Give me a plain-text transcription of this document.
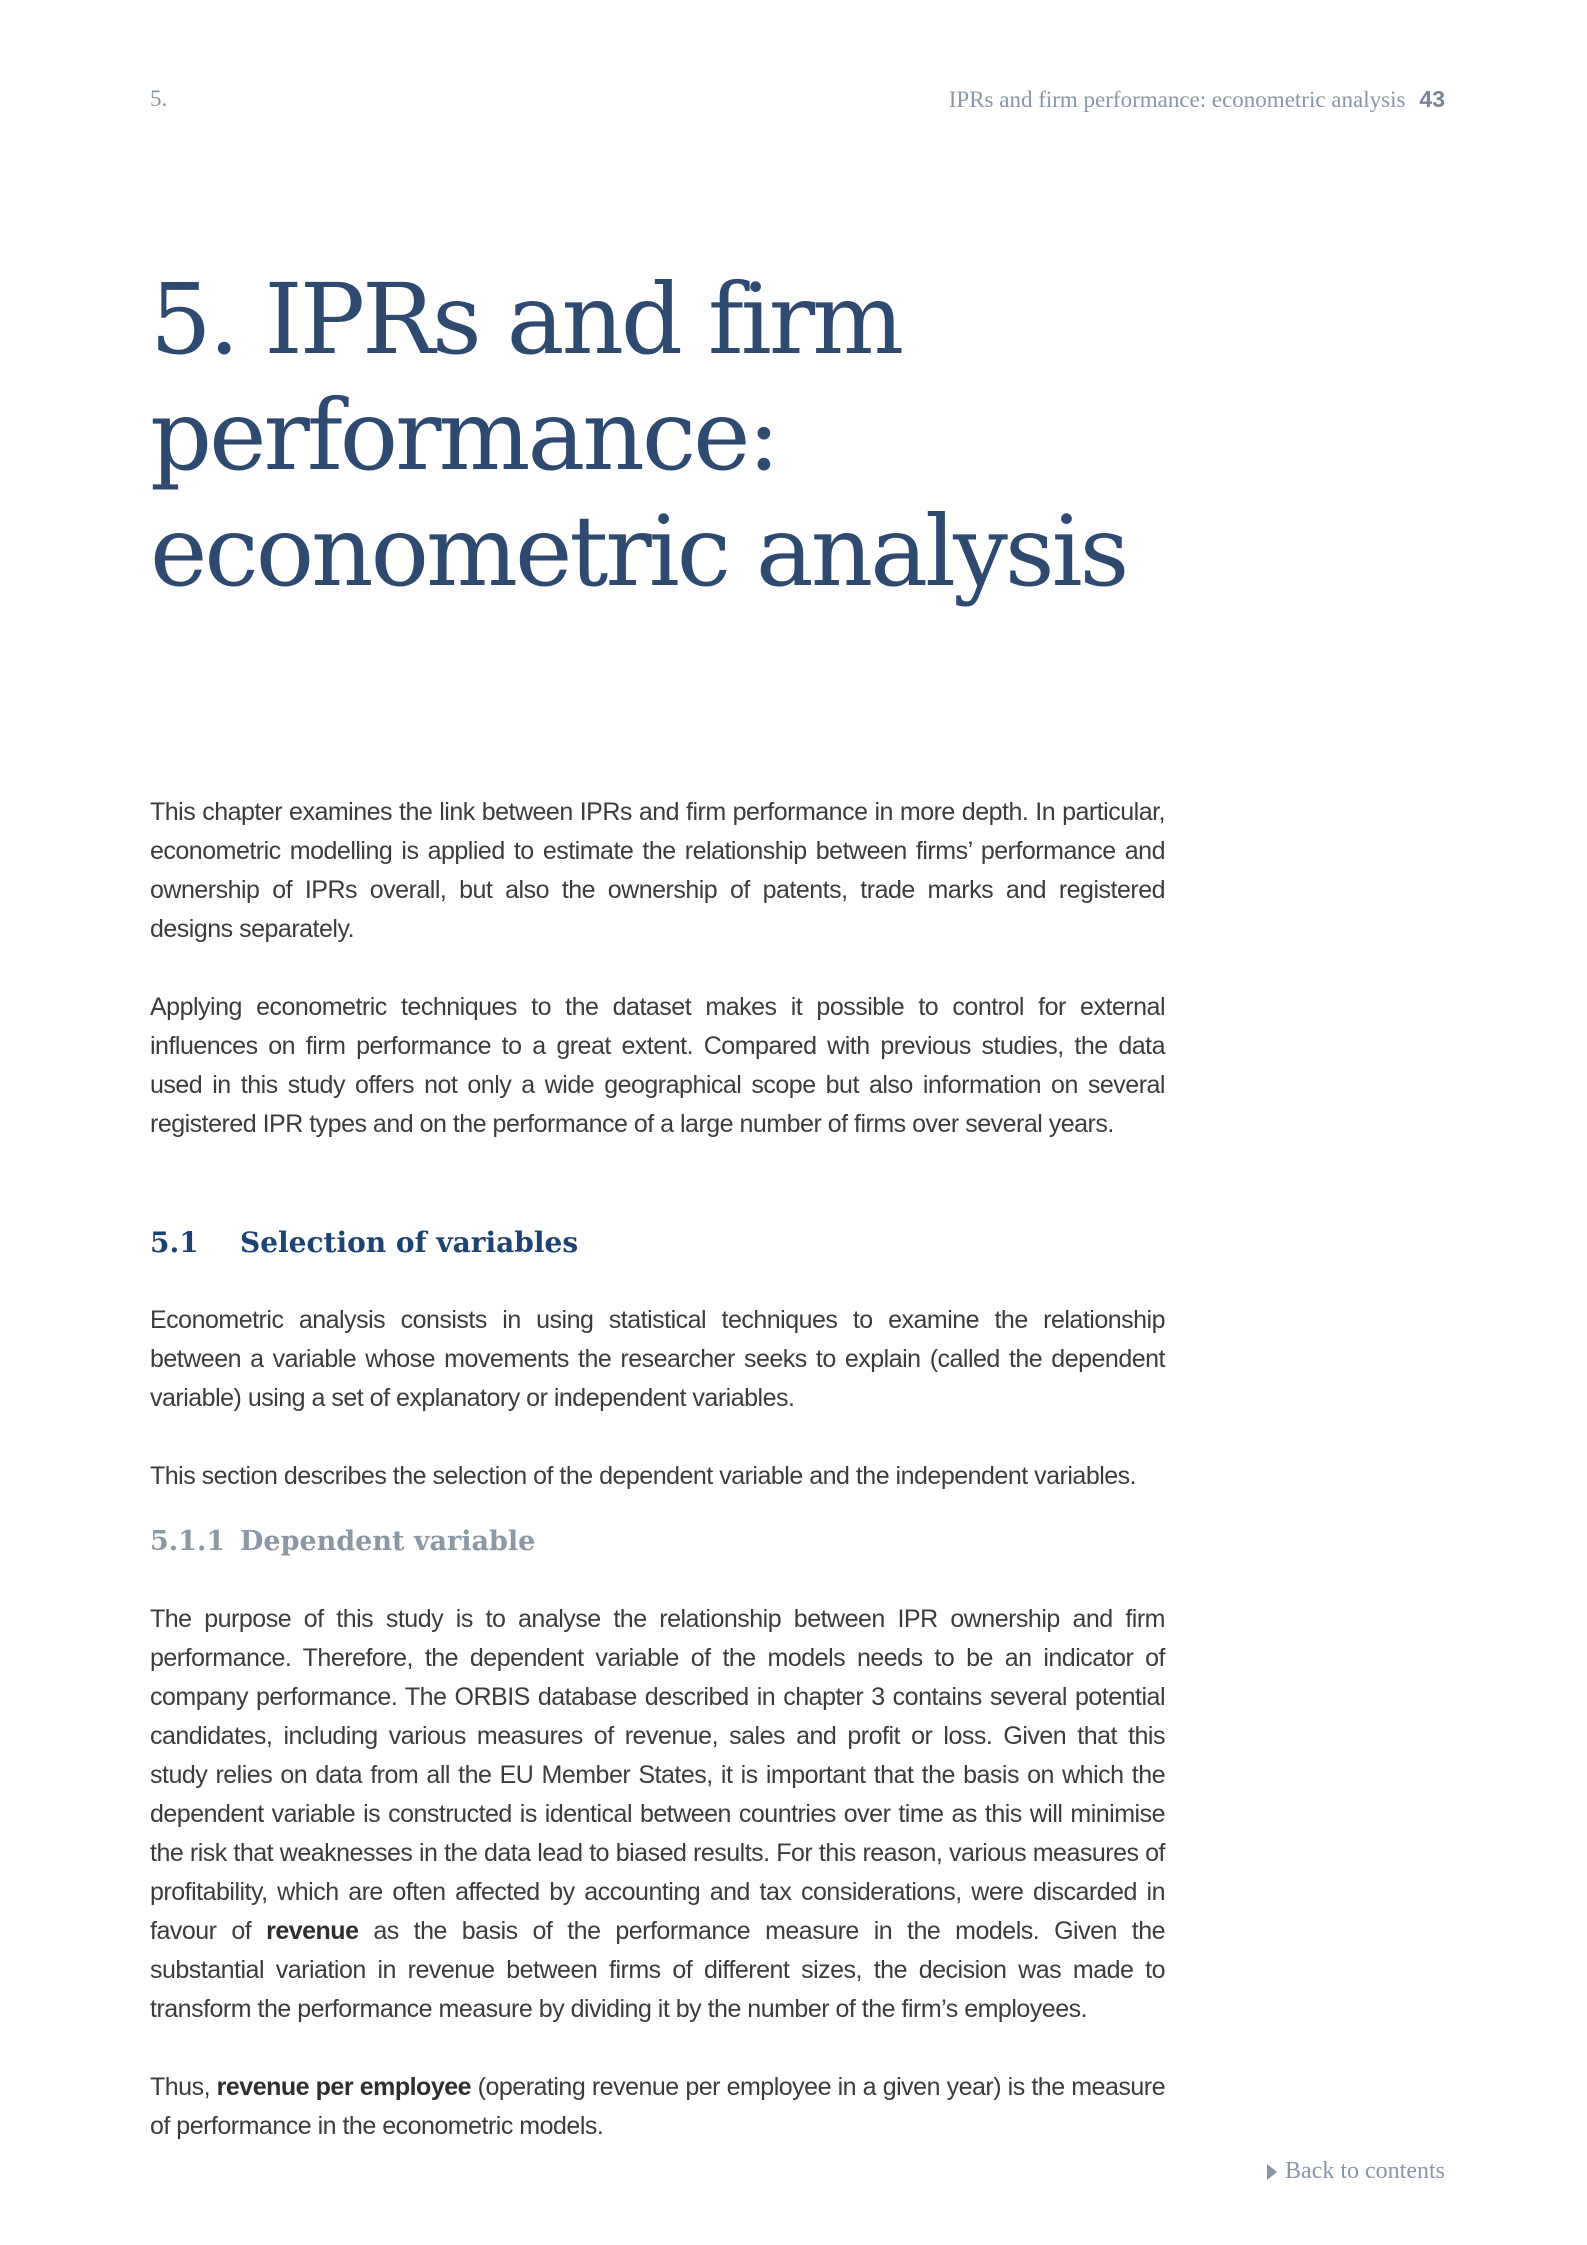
5.	IPRs and firm performance: econometric analysis 43
5. IPRs and firm performance: econometric analysis

This chapter examines the link between IPRs and firm performance in more depth. In particular, econometric modelling is applied to estimate the relationship between firms’ performance and ownership of IPRs overall, but also the ownership of patents, trade marks and registered designs separately.

Applying econometric techniques to the dataset makes it possible to control for external influences on firm performance to a great extent. Compared with previous studies, the data used in this study offers not only a wide geographical scope but also information on several registered IPR types and on the performance of a large number of firms over several years.

5.1	Selection of variables

Econometric analysis consists in using statistical techniques to examine the relationship between a variable whose movements the researcher seeks to explain (called the dependent variable) using a set of explanatory or independent variables.

This section describes the selection of the dependent variable and the independent variables.

5.1.1 Dependent variable

The purpose of this study is to analyse the relationship between IPR ownership and firm performance. Therefore, the dependent variable of the models needs to be an indicator of company performance. The ORBIS database described in chapter 3 contains several potential candidates, including various measures of revenue, sales and profit or loss. Given that this study relies on data from all the EU Member States, it is important that the basis on which the dependent variable is constructed is identical between countries over time as this will minimise the risk that weaknesses in the data lead to biased results. For this reason, various measures of profitability, which are often affected by accounting and tax considerations, were discarded in favour of revenue as the basis of the performance measure in the models. Given the substantial variation in revenue between firms of different sizes, the decision was made to transform the performance measure by dividing it by the number of the firm’s employees.

Thus, revenue per employee (operating revenue per employee in a given year) is the measure of performance in the econometric models.

Back to contents
